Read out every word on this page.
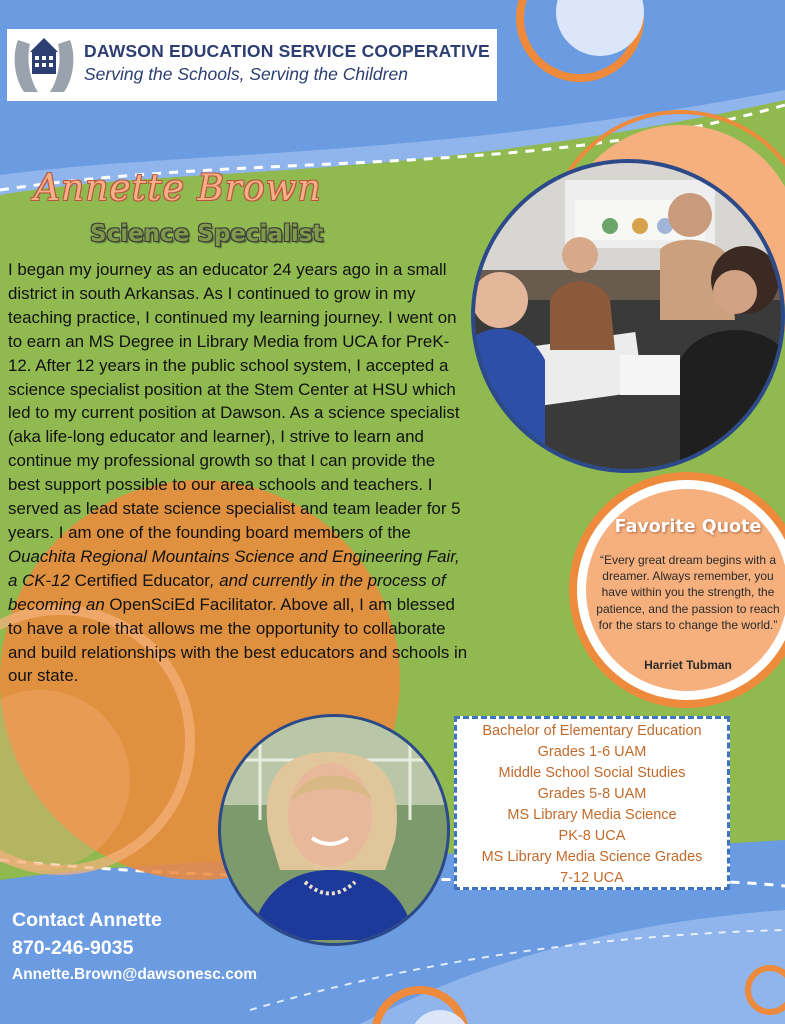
DAWSON EDUCATION SERVICE COOPERATIVE
Serving the Schools, Serving the Children
Annette Brown
Science Specialist

I began my journey as an educator 24 years ago in a small district in south Arkansas. As I continued to grow in my teaching practice, I continued my learning journey. I went on to earn an MS Degree in Library Media from UCA for PreK-12. After 12 years in the public school system, I accepted a science specialist position at the Stem Center at HSU which led to my current position at Dawson. As a science specialist (aka life-long educator and learner), I strive to learn and continue my professional growth so that I can provide the best support possible to our area schools and teachers. I served as lead state science specialist and team leader for 5 years. I am one of the founding board members of the Ouachita Regional Mountains Science and Engineering Fair, a CK-12 Certified Educator, and currently in the process of becoming an OpenSciEd Facilitator. Above all, I am blessed to have a role that allows me the opportunity to collaborate and build relationships with the best educators and schools in our state.

Favorite Quote

“Every great dream begins with a dreamer. Always remember, you have within you the strength, the patience, and the passion to reach for the stars to change the world.”

Harriet Tubman
Bachelor of Elementary Education
Grades 1-6 UAM
Middle School Social Studies
Grades 5-8 UAM
MS Library Media Science
PK-8 UCA
MS Library Media Science Grades
7-12 UCA
Contact Annette
870-246-9035
Annette.Brown@dawsonesc.com
